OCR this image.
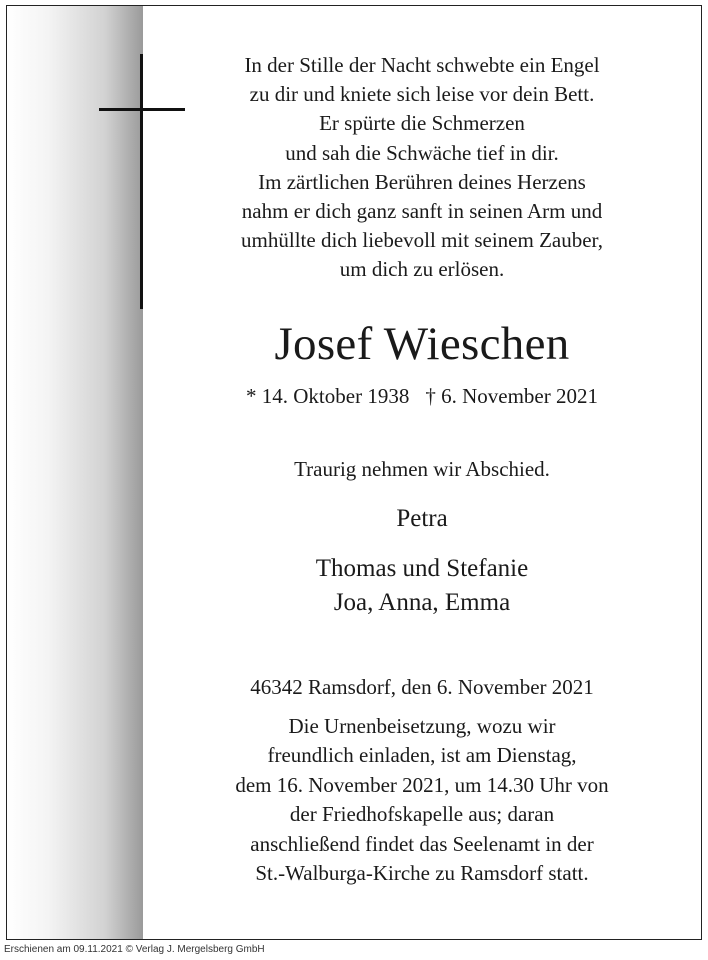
In der Stille der Nacht schwebte ein Engel
zu dir und kniete sich leise vor dein Bett.
Er spürte die Schmerzen
und sah die Schwäche tief in dir.
Im zärtlichen Berühren deines Herzens
nahm er dich ganz sanft in seinen Arm und
umhüllte dich liebevoll mit seinem Zauber,
um dich zu erlösen.
Josef Wieschen
* 14. Oktober 1938 † 6. November 2021
Traurig nehmen wir Abschied.
Petra
Thomas und Stefanie
Joa, Anna, Emma
46342 Ramsdorf, den 6. November 2021
Die Urnenbeisetzung, wozu wir
freundlich einladen, ist am Dienstag,
dem 16. November 2021, um 14.30 Uhr von
der Friedhofskapelle aus; daran
anschließend findet das Seelenamt in der
St.-Walburga-Kirche zu Ramsdorf statt.
Erschienen am 09.11.2021 © Verlag J. Mergelsberg GmbH
